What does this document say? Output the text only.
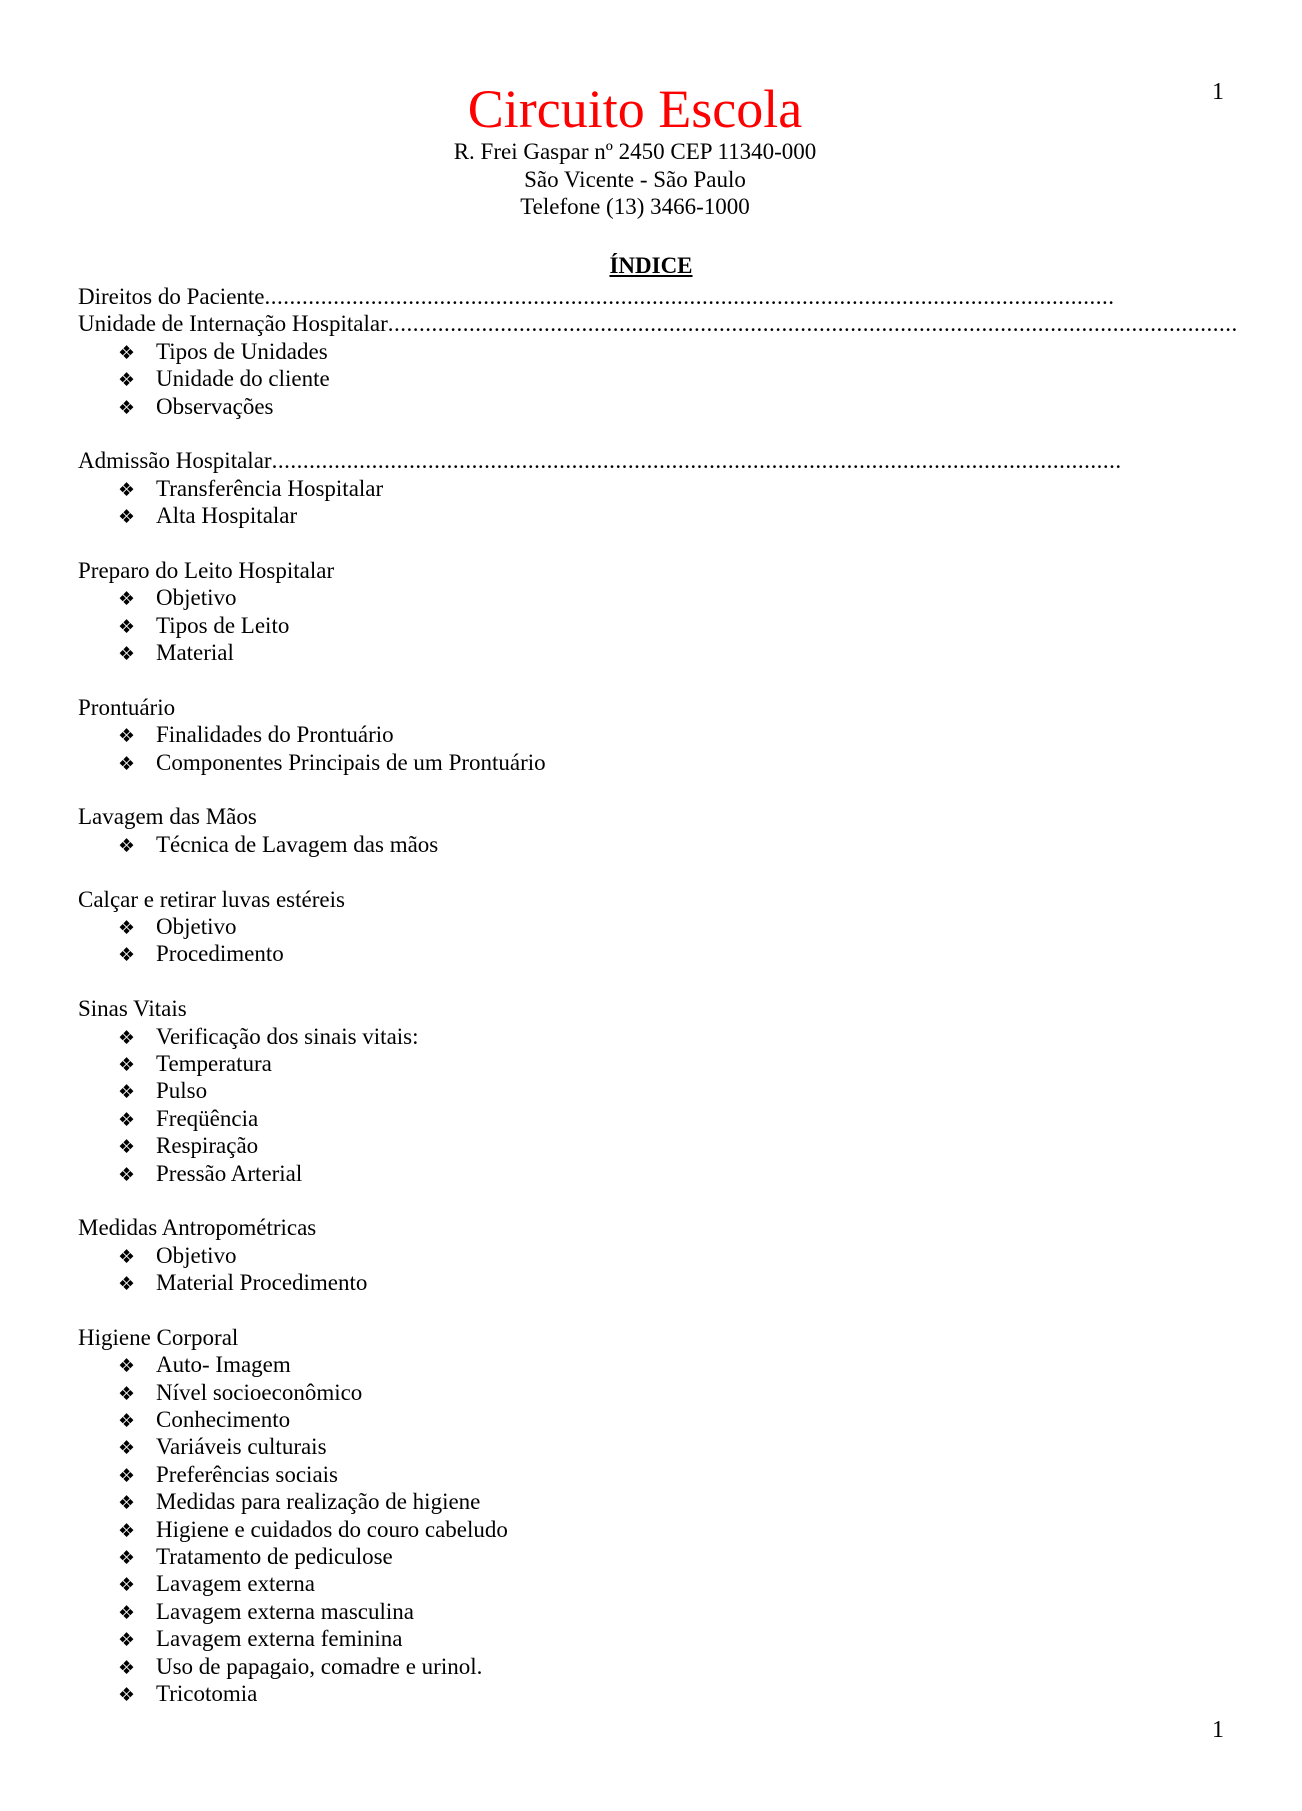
1
Circuito Escola
R. Frei Gaspar nº 2450 CEP 11340-000
São Vicente - São Paulo
Telefone (13) 3466-1000
ÍNDICE
Direitos do Paciente ........................................................................................................................................
Unidade de Internação Hospitalar ........................................................................................................................................
❖ Tipos de Unidades
❖ Unidade do cliente
❖ Observações
Admissão Hospitalar ........................................................................................................................................
❖ Transferência Hospitalar
❖ Alta Hospitalar
Preparo do Leito Hospitalar
❖ Objetivo
❖ Tipos de Leito
❖ Material
Prontuário
❖ Finalidades do Prontuário
❖ Componentes Principais de um Prontuário
Lavagem das Mãos
❖ Técnica de Lavagem das mãos
Calçar e retirar luvas estéreis
❖ Objetivo
❖ Procedimento
Sinas Vitais
❖ Verificação dos sinais vitais:
❖ Temperatura
❖ Pulso
❖ Freqüência
❖ Respiração
❖ Pressão Arterial
Medidas Antropométricas
❖ Objetivo
❖ Material Procedimento
Higiene Corporal
❖ Auto- Imagem
❖ Nível socioeconômico
❖ Conhecimento
❖ Variáveis culturais
❖ Preferências sociais
❖ Medidas para realização de higiene
❖ Higiene e cuidados do couro cabeludo
❖ Tratamento de pediculose
❖ Lavagem externa
❖ Lavagem externa masculina
❖ Lavagem externa feminina
❖ Uso de papagaio, comadre e urinol.
❖ Tricotomia
1
